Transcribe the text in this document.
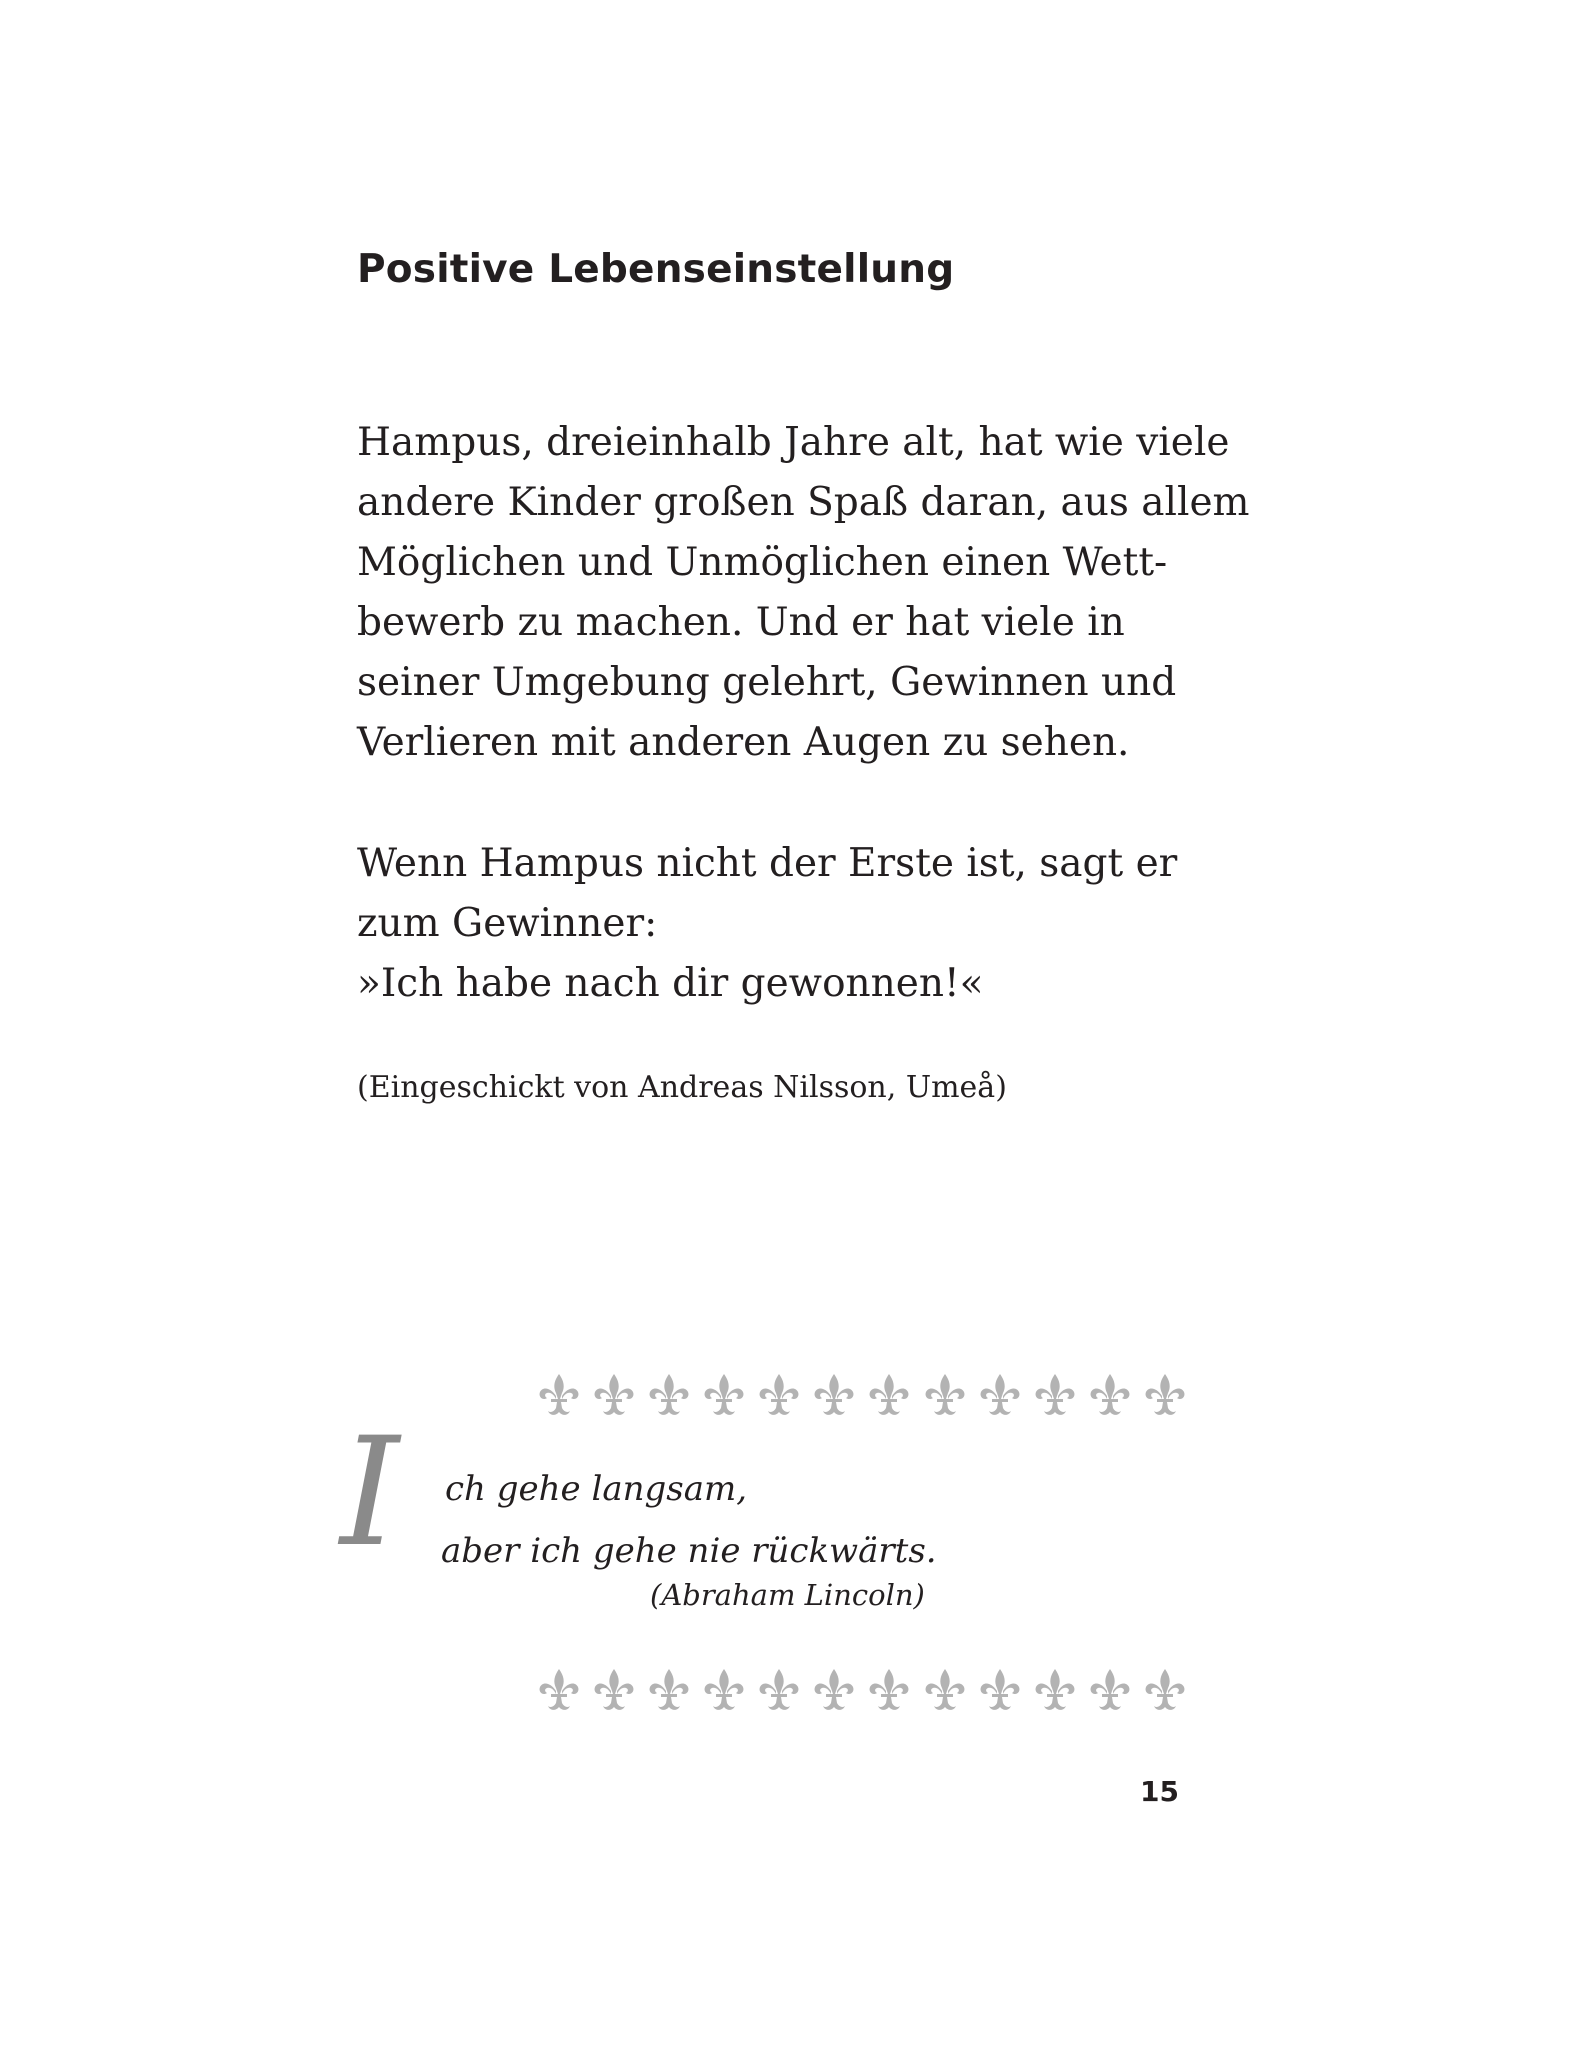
Positive Lebenseinstellung
Hampus, dreieinhalb Jahre alt, hat wie viele
andere Kinder großen Spaß daran, aus allem
Möglichen und Unmöglichen einen Wett-
bewerb zu machen. Und er hat viele in
seiner Umgebung gelehrt, Gewinnen und
Verlieren mit anderen Augen zu sehen.
Wenn Hampus nicht der Erste ist, sagt er
zum Gewinner:
»Ich habe nach dir gewonnen!«
(Eingeschickt von Andreas Nilsson, Umeå)
I ch gehe langsam,
aber ich gehe nie rückwärts.
(Abraham Lincoln)
15
